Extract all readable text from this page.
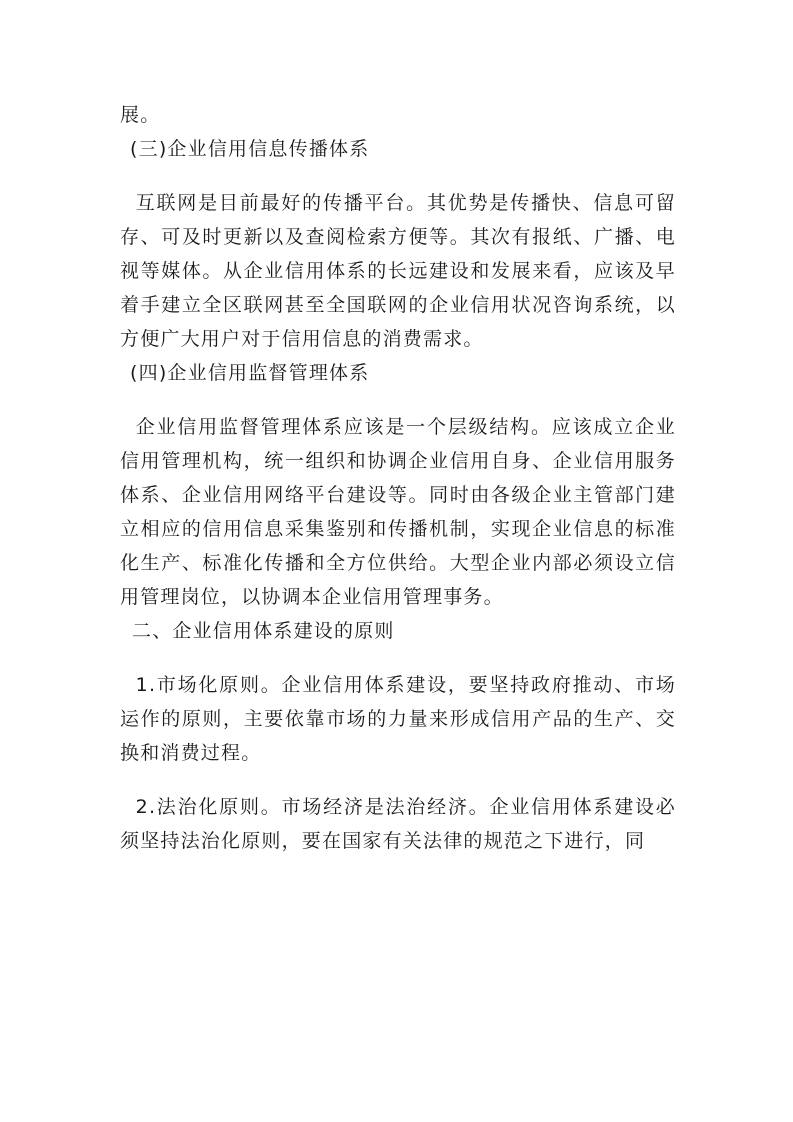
展。

(三)企业信用信息传播体系

互联网是目前最好的传播平台。其优势是传播快、信息可留存、可及时更新以及查阅检索方便等。其次有报纸、广播、电视等媒体。从企业信用体系的长远建设和发展来看，应该及早着手建立全区联网甚至全国联网的企业信用状况咨询系统，以方便广大用户对于信用信息的消费需求。

(四)企业信用监督管理体系

企业信用监督管理体系应该是一个层级结构。应该成立企业信用管理机构，统一组织和协调企业信用自身、企业信用服务体系、企业信用网络平台建设等。同时由各级企业主管部门建立相应的信用信息采集鉴别和传播机制，实现企业信息的标准化生产、标准化传播和全方位供给。大型企业内部必须设立信用管理岗位，以协调本企业信用管理事务。

二、企业信用体系建设的原则

1.市场化原则。企业信用体系建设，要坚持政府推动、市场运作的原则，主要依靠市场的力量来形成信用产品的生产、交换和消费过程。

2.法治化原则。市场经济是法治经济。企业信用体系建设必须坚持法治化原则，要在国家有关法律的规范之下进行，同
